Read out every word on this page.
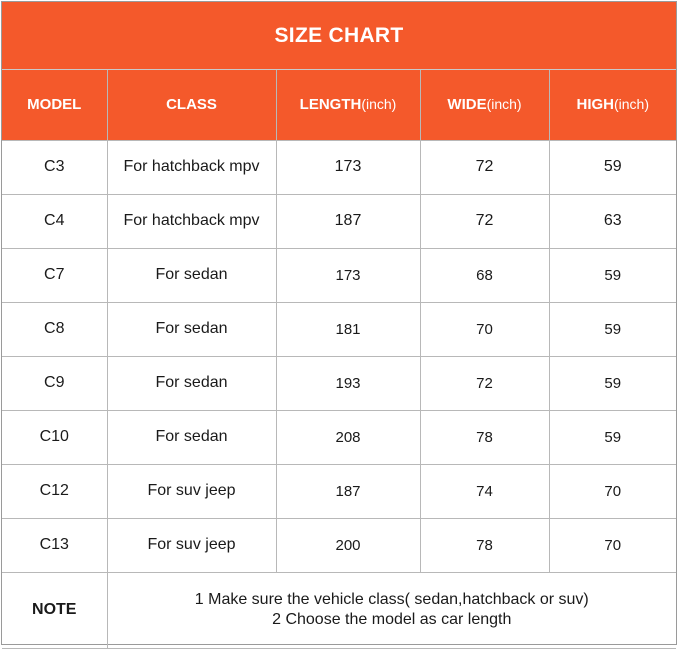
SIZE CHART
MODEL	CLASS	LENGTH(inch)	WIDE(inch)	HIGH(inch)
C3	For hatchback mpv	173	72	59
C4	For hatchback mpv	187	72	63
C7	For sedan	173	68	59
C8	For sedan	181	70	59
C9	For sedan	193	72	59
C10	For sedan	208	78	59
C12	For suv jeep	187	74	70
C13	For suv jeep	200	78	70
NOTE	1 Make sure the vehicle class( sedan,hatchback or suv)
2 Choose the model as car length			
